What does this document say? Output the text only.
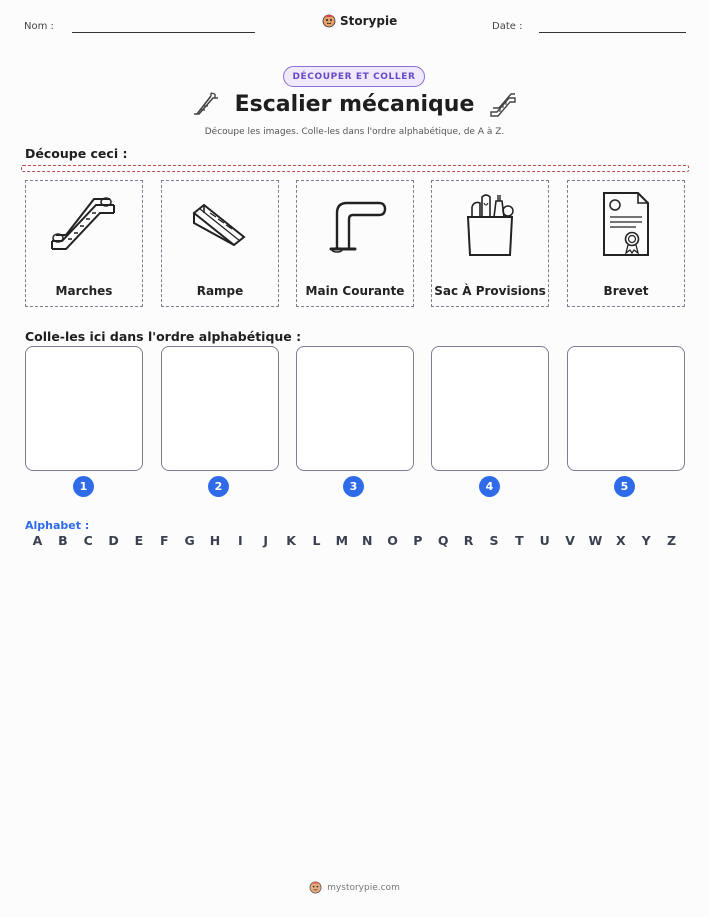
Nom :	Storypie	Date :
DÉCOUPER ET COLLER
Escalier mécanique
Découpe les images. Colle-les dans l'ordre alphabétique, de A à Z.
Découpe ceci :
Marches	Rampe	Main Courante	Sac À Provisions	Brevet
Colle-les ici dans l'ordre alphabétique :
1	2	3	4	5
Alphabet :
A	B	C	D	E	F	G	H	I	J	K	L	M	N	O	P	Q	R	S	T	U	V	W	X	Y	Z
mystorypie.com
